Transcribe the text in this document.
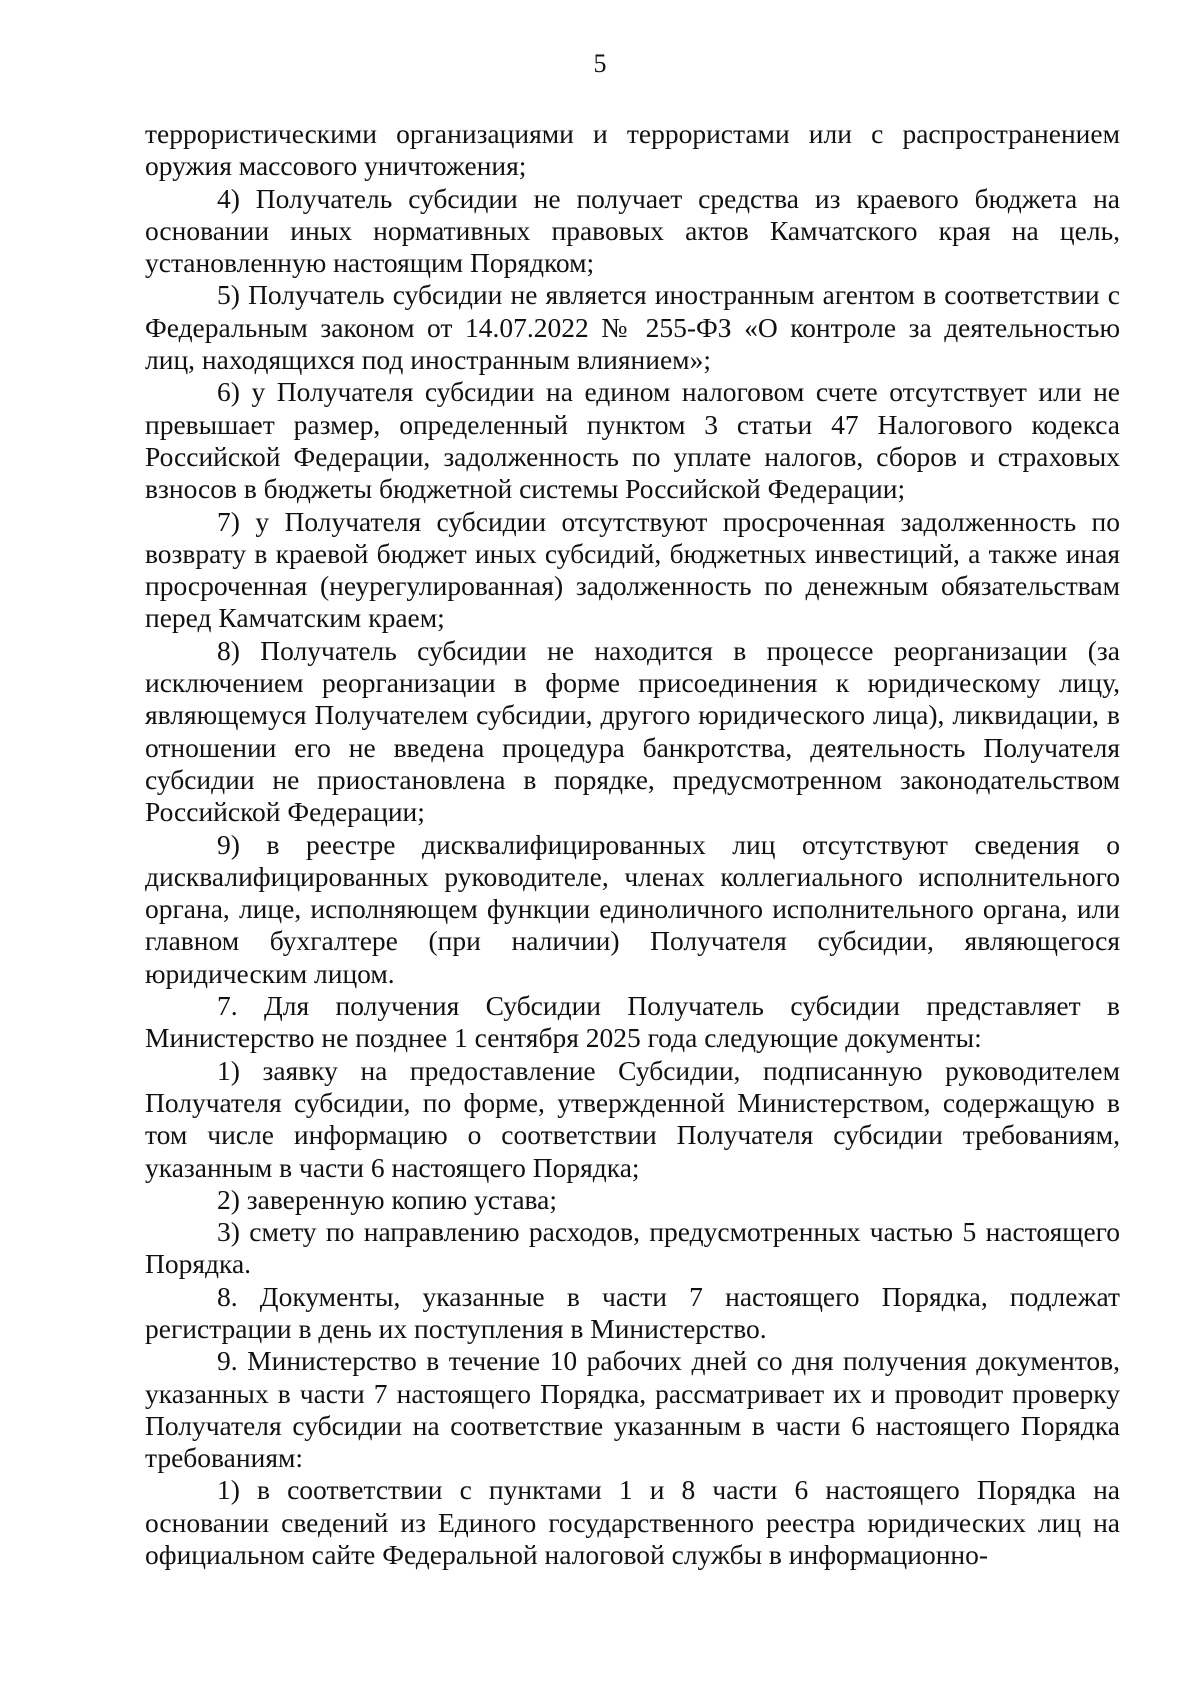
5

террористическими организациями и террористами или с распространением оружия массового уничтожения;

4) Получатель субсидии не получает средства из краевого бюджета на основании иных нормативных правовых актов Камчатского края на цель, установленную настоящим Порядком;

5) Получатель субсидии не является иностранным агентом в соответствии с Федеральным законом от 14.07.2022 № 255-ФЗ «О контроле за деятельностью лиц, находящихся под иностранным влиянием»;

6) у Получателя субсидии на едином налоговом счете отсутствует или не превышает размер, определенный пунктом 3 статьи 47 Налогового кодекса Российской Федерации, задолженность по уплате налогов, сборов и страховых взносов в бюджеты бюджетной системы Российской Федерации;

7) у Получателя субсидии отсутствуют просроченная задолженность по возврату в краевой бюджет иных субсидий, бюджетных инвестиций, а также иная просроченная (неурегулированная) задолженность по денежным обязательствам перед Камчатским краем;

8) Получатель субсидии не находится в процессе реорганизации (за исключением реорганизации в форме присоединения к юридическому лицу, являющемуся Получателем субсидии, другого юридического лица), ликвидации, в отношении его не введена процедура банкротства, деятельность Получателя субсидии не приостановлена в порядке, предусмотренном законодательством Российской Федерации;

9) в реестре дисквалифицированных лиц отсутствуют сведения о дисквалифицированных руководителе, членах коллегиального исполнительного органа, лице, исполняющем функции единоличного исполнительного органа, или главном бухгалтере (при наличии) Получателя субсидии, являющегося юридическим лицом.

7. Для получения Субсидии Получатель субсидии представляет в Министерство не позднее 1 сентября 2025 года следующие документы:

1) заявку на предоставление Субсидии, подписанную руководителем Получателя субсидии, по форме, утвержденной Министерством, содержащую в том числе информацию о соответствии Получателя субсидии требованиям, указанным в части 6 настоящего Порядка;

2) заверенную копию устава;

3) смету по направлению расходов, предусмотренных частью 5 настоящего Порядка.

8. Документы, указанные в части 7 настоящего Порядка, подлежат регистрации в день их поступления в Министерство.

9. Министерство в течение 10 рабочих дней со дня получения документов, указанных в части 7 настоящего Порядка, рассматривает их и проводит проверку Получателя субсидии на соответствие указанным в части 6 настоящего Порядка требованиям:

1) в соответствии с пунктами 1 и 8 части 6 настоящего Порядка на основании сведений из Единого государственного реестра юридических лиц на официальном сайте Федеральной налоговой службы в информационно-
